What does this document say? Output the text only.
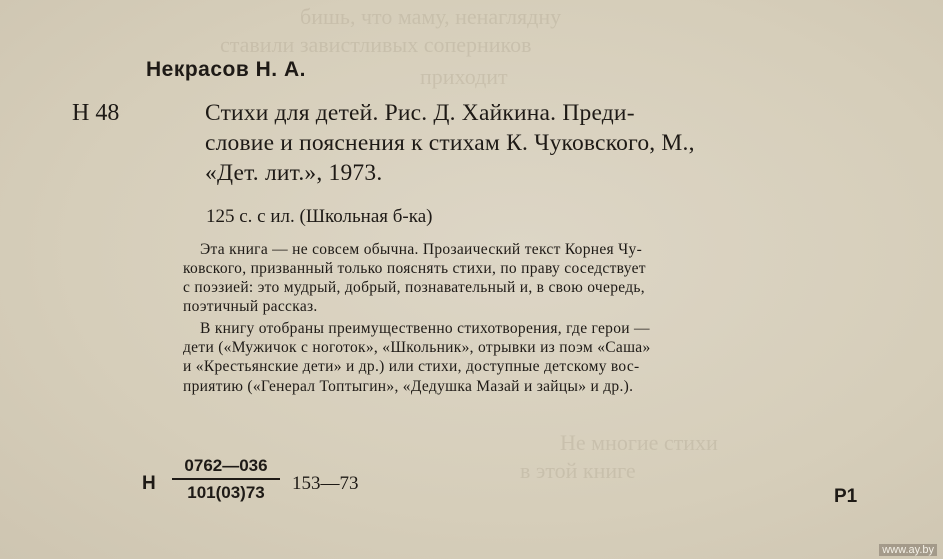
бишь, что маму, ненаглядну
ставили завистливых соперников
приходит
Не многие стихи
в этой книге
Некрасов Н. А.
Н 48	Стихи для детей. Рис. Д. Хайкина. Преди-
словие и пояснения к стихам К. Чуковского, М.,
«Дет. лит.», 1973.
125 с. с ил. (Школьная б-ка)
Эта книга — не совсем обычна. Прозаический текст Корнея Чу-
ковского, призванный только пояснять стихи, по праву соседствует
с поэзией: это мудрый, добрый, познавательный и, в свою очередь,
поэтичный рассказ.
В книгу отобраны преимущественно стихотворения, где герои —
дети («Мужичок с ноготок», «Школьник», отрывки из поэм «Саша»
и «Крестьянские дети» и др.) или стихи, доступные детскому вос-
приятию («Генерал Топтыгин», «Дедушка Мазай и зайцы» и др.).
Н $\frac{0762—036}{101(03)73}$ 153—73
Р1
www.ay.by
